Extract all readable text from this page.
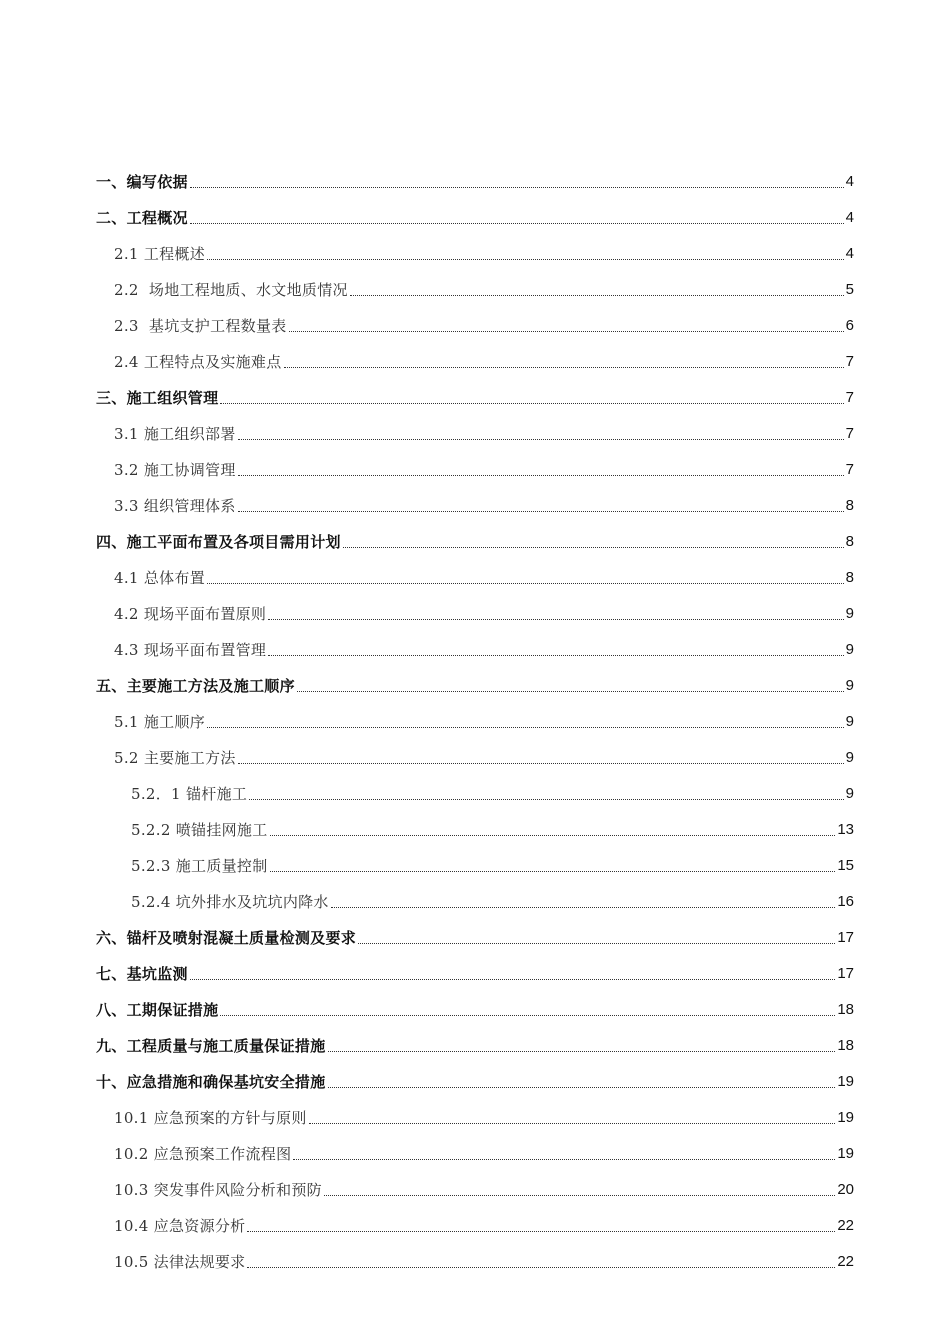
一、编写依据	4
二、工程概况	4
2.1 工程概述	4
2.2  场地工程地质、水文地质情况	5
2.3  基坑支护工程数量表	6
2.4 工程特点及实施难点	7
三、施工组织管理	7
3.1 施工组织部署	7
3.2 施工协调管理	7
3.3 组织管理体系	8
四、施工平面布置及各项目需用计划	8
4.1 总体布置	8
4.2 现场平面布置原则	9
4.3 现场平面布置管理	9
五、主要施工方法及施工顺序	9
5.1 施工顺序	9
5.2 主要施工方法	9
5.2．1 锚杆施工	9
5.2.2 喷锚挂网施工	13
5.2.3 施工质量控制	15
5.2.4 坑外排水及坑坑内降水	16
六、锚杆及喷射混凝土质量检测及要求	17
七、基坑监测	17
八、工期保证措施	18
九、工程质量与施工质量保证措施	18
十、应急措施和确保基坑安全措施	19
10.1 应急预案的方针与原则	19
10.2 应急预案工作流程图	19
10.3 突发事件风险分析和预防	20
10.4 应急资源分析	22
10.5 法律法规要求	22
